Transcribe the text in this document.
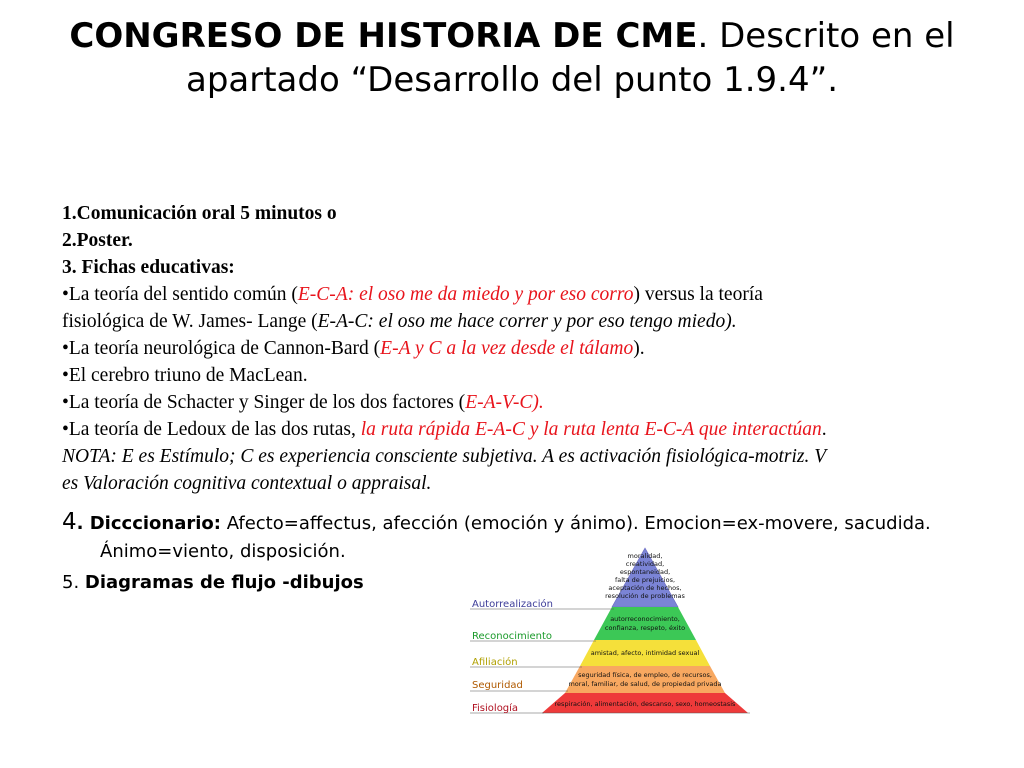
CONGRESO DE HISTORIA DE CME. Descrito en el
apartado “Desarrollo del punto 1.9.4”.
1.Comunicación oral 5 minutos o
2.Poster.
3. Fichas educativas:
•La teoría del sentido común (E-C-A: el oso me da miedo y por eso corro) versus la teoría
fisiológica de W. James- Lange (E-A-C: el oso me hace correr y por eso tengo miedo).
•La teoría neurológica de Cannon-Bard (E-A y C a la vez desde el tálamo).
•El cerebro triuno de MacLean.
•La teoría de Schacter y Singer de los dos factores (E-A-V-C).
•La teoría de Ledoux de las dos rutas, la ruta rápida E-A-C y la ruta lenta E-C-A que interactúan.
NOTA: E es Estímulo; C es experiencia consciente subjetiva. A es activación fisiológica-motriz. V
es Valoración cognitiva contextual o appraisal.
4. Dicccionario: Afecto=affectus, afección (emoción y ánimo). Emocion=ex-movere, sacudida.
Ánimo=viento, disposición.
5. Diagramas de flujo -dibujos
Autorrealización
Reconocimiento
Afiliación
Seguridad
Fisiología
moralidad,
creatividad,
espontaneidad,
falta de prejuicios,
aceptación de hechos,
resolución de problemas
autorreconocimiento,
confianza, respeto, éxito
amistad, afecto, intimidad sexual
seguridad física, de empleo, de recursos,
moral, familiar, de salud, de propiedad privada
respiración, alimentación, descanso, sexo, homeostasis
